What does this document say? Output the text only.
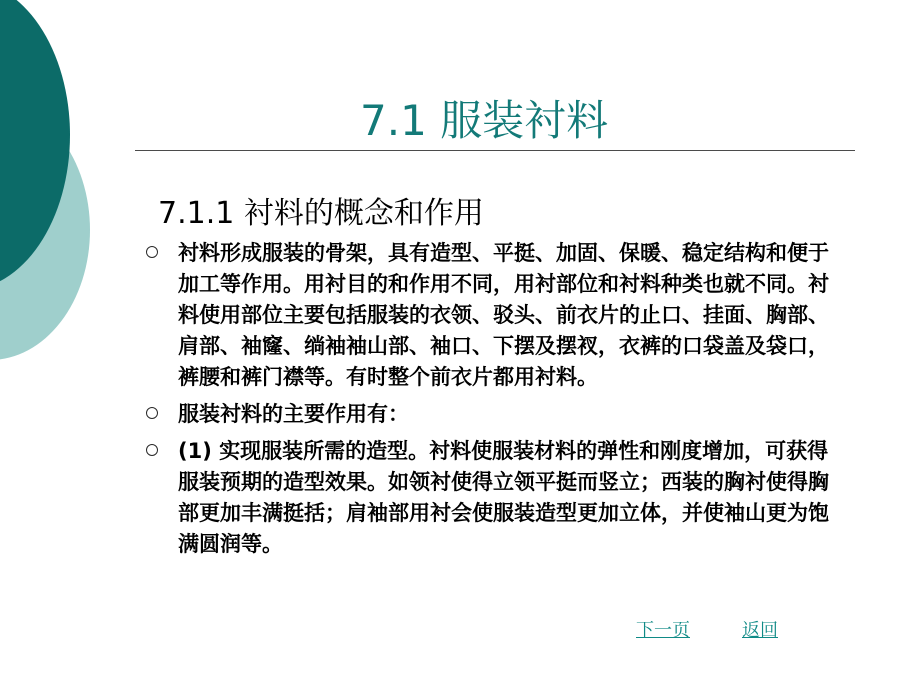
7.1 服装衬料
7.1.1 衬料的概念和作用
衬料形成服装的骨架，具有造型、平挺、加固、保暖、稳定结构和便于加工等作用。用衬目的和作用不同，用衬部位和衬料种类也就不同。衬料使用部位主要包括服装的衣领、驳头、前衣片的止口、挂面、胸部、肩部、袖窿、绱袖袖山部、袖口、下摆及摆衩，衣裤的口袋盖及袋口，裤腰和裤门襟等。有时整个前衣片都用衬料。
服装衬料的主要作用有：
(1) 实现服装所需的造型。衬料使服装材料的弹性和刚度增加，可获得服装预期的造型效果。如领衬使得立领平挺而竖立；西装的胸衬使得胸部更加丰满挺括；肩袖部用衬会使服装造型更加立体，并使袖山更为饱满圆润等。
下一页	返回
